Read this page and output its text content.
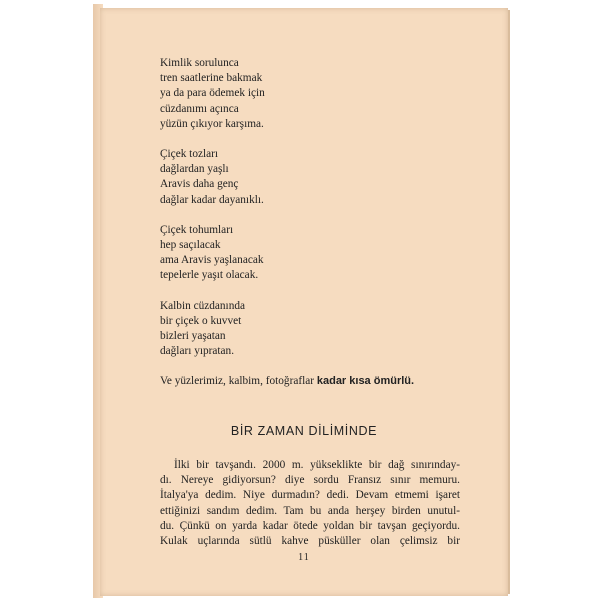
Kimlik sorulunca
tren saatlerine bakmak
ya da para ödemek için
cüzdanımı açınca
yüzün çıkıyor karşıma.
Çiçek tozları
dağlardan yaşlı
Aravis daha genç
dağlar kadar dayanıklı.
Çiçek tohumları
hep saçılacak
ama Aravis yaşlanacak
tepelerle yaşıt olacak.
Kalbin cüzdanında
bir çiçek o kuvvet
bizleri yaşatan
dağları yıpratan.
Ve yüzlerimiz, kalbim, fotoğraflar kadar kısa ömürlü.
BİR ZAMAN DİLİMİNDE
İlki bir tavşandı. 2000 m. yükseklikte bir dağ sınırınday-
dı. Nereye gidiyorsun? diye sordu Fransız sınır memuru.
İtalya'ya dedim. Niye durmadın? dedi. Devam etmemi işaret
ettiğinizi sandım dedim. Tam bu anda herşey birden unutul-
du. Çünkü on yarda kadar ötede yoldan bir tavşan geçiyordu.
Kulak uçlarında sütlü kahve püsküller olan çelimsiz bir
11
